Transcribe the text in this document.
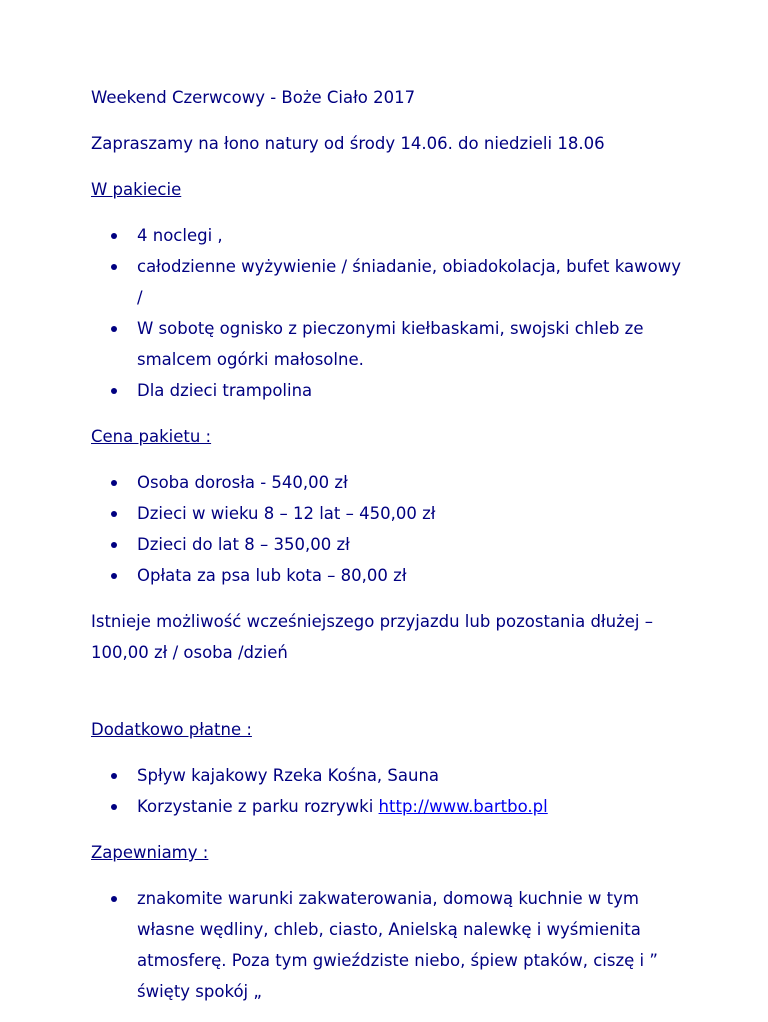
Weekend Czerwcowy - Boże Ciało 2017

Zapraszamy na łono natury od środy 14.06. do niedzieli 18.06

W pakiecie

4 noclegi ,
całodzienne wyżywienie / śniadanie, obiadokolacja, bufet kawowy /
W sobotę ognisko z pieczonymi kiełbaskami, swojski chleb ze smalcem ogórki małosolne.
Dla dzieci trampolina

Cena pakietu :

Osoba dorosła - 540,00 zł
Dzieci w wieku 8 – 12 lat – 450,00 zł
Dzieci do lat 8 – 350,00 zł
Opłata za psa lub kota – 80,00 zł

Istnieje możliwość wcześniejszego przyjazdu lub pozostania dłużej – 100,00 zł / osoba /dzień

Dodatkowo płatne :

Spływ kajakowy Rzeka Kośna, Sauna
Korzystanie z parku rozrywki http://www.bartbo.pl

Zapewniamy :

znakomite warunki zakwaterowania, domową kuchnie w tym własne wędliny, chleb, ciasto, Anielską nalewkę i wyśmienita atmosferę. Poza tym gwieździste niebo, śpiew ptaków, ciszę i ” święty spokój „
